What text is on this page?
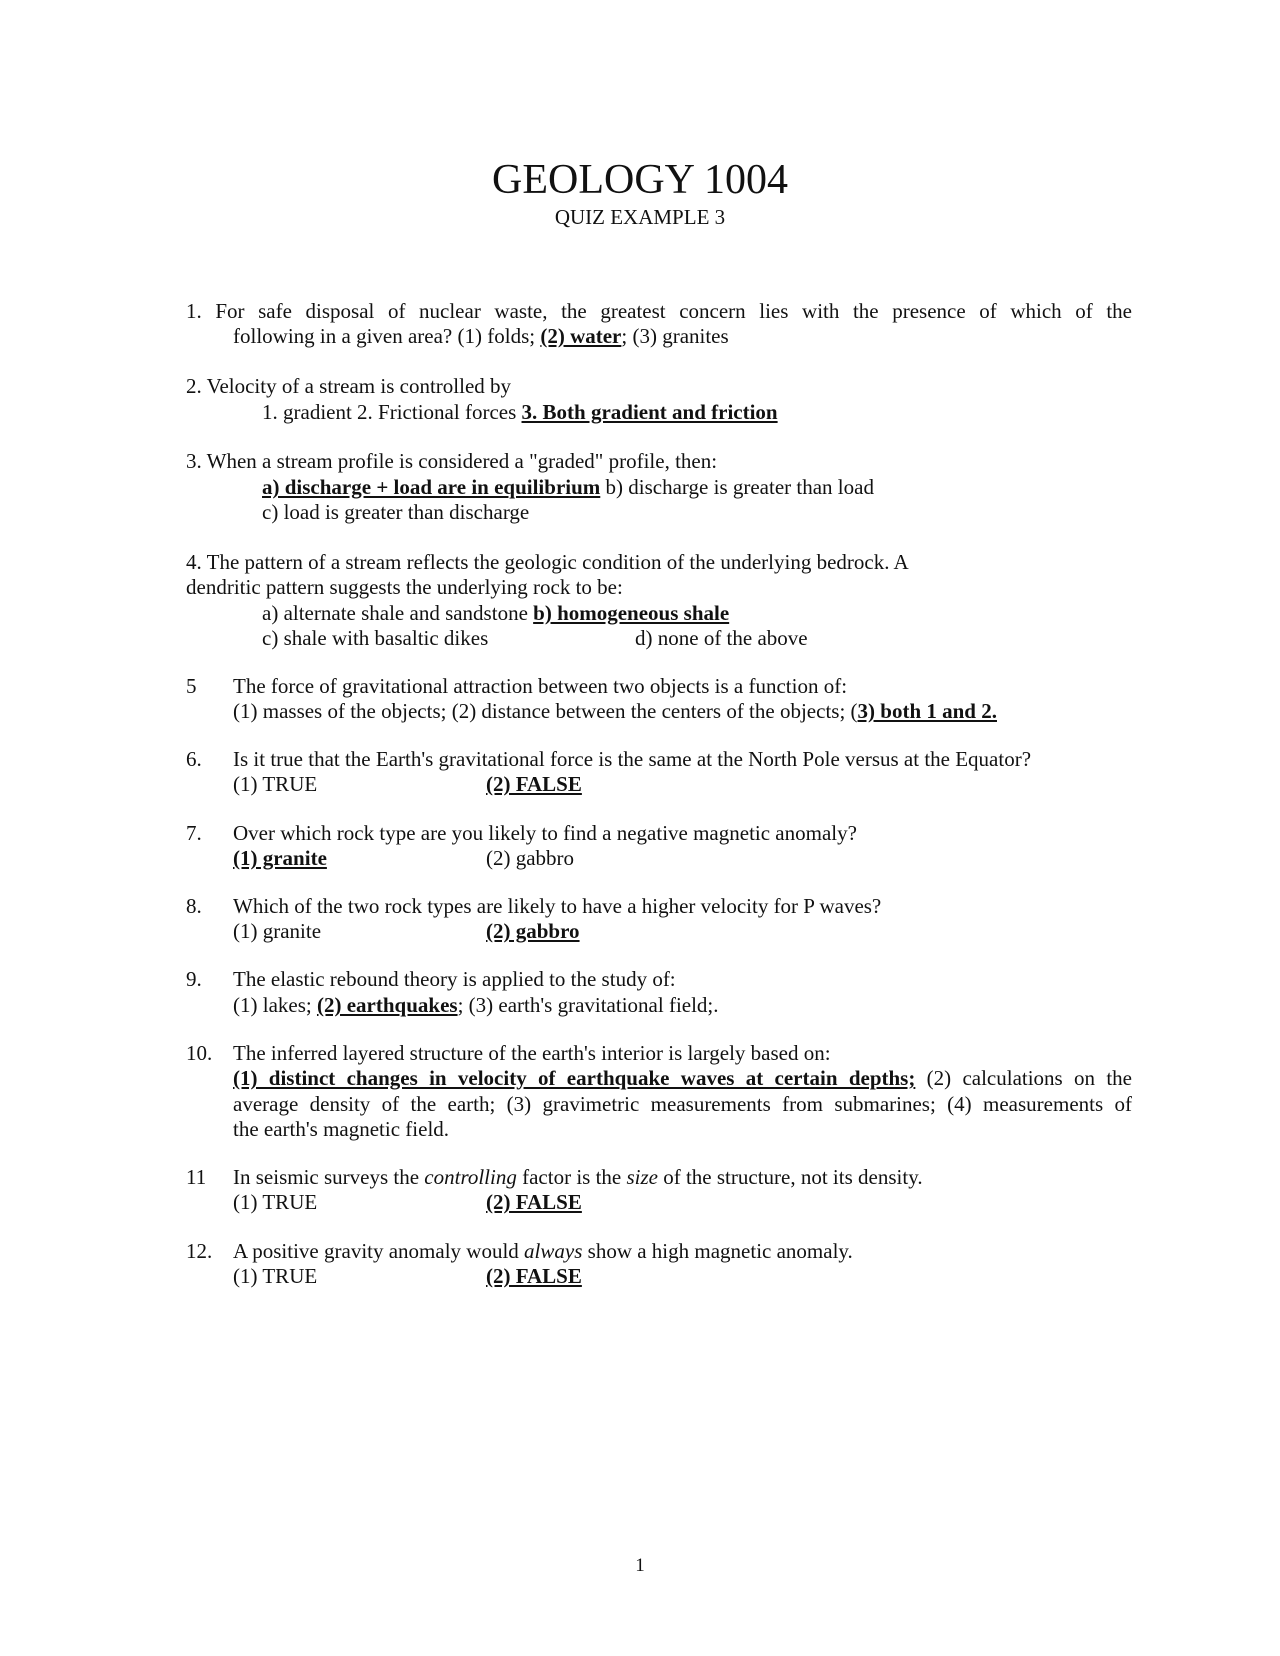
GEOLOGY 1004
QUIZ EXAMPLE 3
1. For safe disposal of nuclear waste, the greatest concern lies with the presence of which of the
following in a given area? (1) folds; (2) water; (3) granites
2. Velocity of a stream is controlled by
1. gradient 2. Frictional forces 3. Both gradient and friction
3. When a stream profile is considered a "graded" profile, then:
a) discharge + load are in equilibrium b) discharge is greater than load
c) load is greater than discharge
4. The pattern of a stream reflects the geologic condition of the underlying bedrock. A
dendritic pattern suggests the underlying rock to be:
a) alternate shale and sandstone b) homogeneous shale
c) shale with basaltic dikes	d) none of the above
5 The force of gravitational attraction between two objects is a function of:
(1) masses of the objects; (2) distance between the centers of the objects; (3) both 1 and 2.
6. Is it true that the Earth's gravitational force is the same at the North Pole versus at the Equator?
(1) TRUE	(2) FALSE
7. Over which rock type are you likely to find a negative magnetic anomaly?
(1) granite	(2) gabbro
8. Which of the two rock types are likely to have a higher velocity for P waves?
(1) granite	(2) gabbro
9. The elastic rebound theory is applied to the study of:
(1) lakes; (2) earthquakes; (3) earth's gravitational field;.
10. The inferred layered structure of the earth's interior is largely based on:
(1) distinct changes in velocity of earthquake waves at certain depths; (2) calculations on the
average density of the earth; (3) gravimetric measurements from submarines; (4) measurements of
the earth's magnetic field.
11 In seismic surveys the controlling factor is the size of the structure, not its density.
(1) TRUE	(2) FALSE
12. A positive gravity anomaly would always show a high magnetic anomaly.
(1) TRUE	(2) FALSE
1
